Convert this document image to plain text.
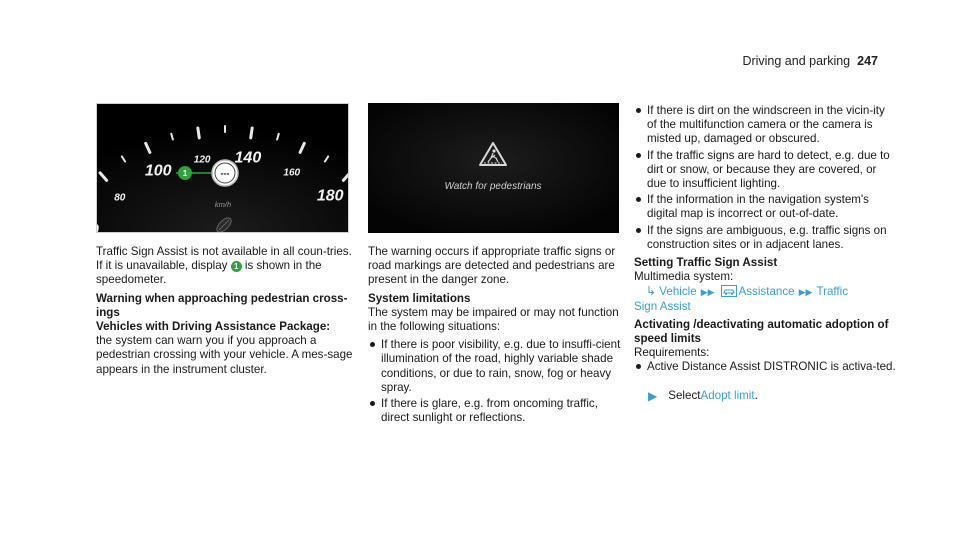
Driving and parking 247
80
100
120 140
160
180
---
1
km/h
Watch for pedestrians

Traffic Sign Assist is not available in all coun-tries. If it is unavailable, display 1 is shown in the speedometer.

Warning when approaching pedestrian cross-ings
Vehicles with Driving Assistance Package:

the system can warn you if you approach a pedestrian crossing with your vehicle. A mes-sage appears in the instrument cluster.

The warning occurs if appropriate traffic signs or road markings are detected and pedestrians are present in the danger zone.

System limitations

The system may be impaired or may not function in the following situations:

If there is poor visibility, e.g. due to insuffi-cient illumination of the road, highly variable shade conditions, or due to rain, snow, fog or heavy spray.
If there is glare, e.g. from oncoming traffic, direct sunlight or reflections.
If there is dirt on the windscreen in the vicin-ity of the multifunction camera or the camera is misted up, damaged or obscured.
If the traffic signs are hard to detect, e.g. due to dirt or snow, or because they are covered, or due to insufficient lighting.
If the information in the navigation system's digital map is incorrect or out-of-date.
If the signs are ambiguous, e.g. traffic signs on construction sites or in adjacent lanes.
Setting Traffic Sign Assist
Multimedia system:
↳ Vehicle ▶▶ Assistance ▶▶ Traffic
Sign Assist
Activating /deactivating automatic adoption of speed limits
Requirements:
Active Distance Assist DISTRONIC is activa-ted.
▶ Select Adopt limit .
